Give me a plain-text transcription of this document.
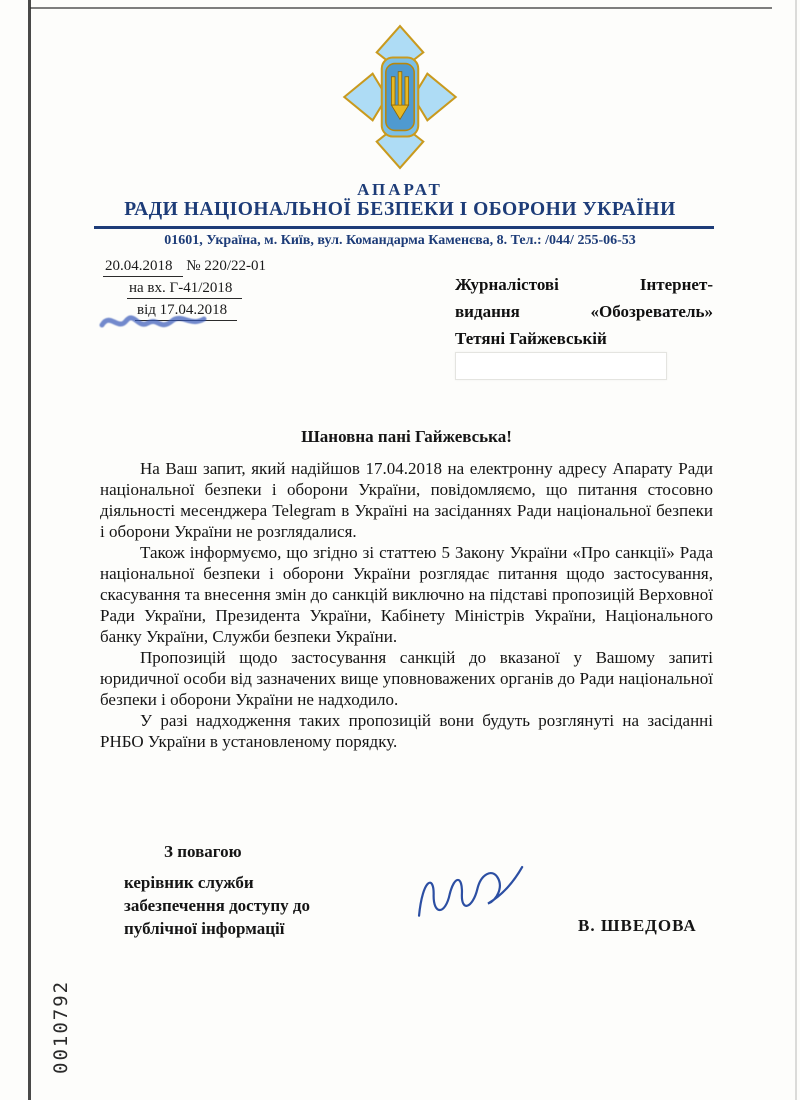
АПАРАТ
РАДИ НАЦІОНАЛЬНОЇ БЕЗПЕКИ І ОБОРОНИ УКРАЇНИ
01601, Україна, м. Київ, вул. Командарма Каменєва, 8. Тел.: /044/ 255-06-53
20.04.2018 № 220/22-01
на вх. Г-41/2018
від 17.04.2018
Журналістові	Інтернет-
видання	«Обозреватель»
Тетяні Гайжевській
Шановна пані Гайжевська!

На Ваш запит, який надійшов 17.04.2018 на електронну адресу Апарату Ради національної безпеки і оборони України, повідомляємо, що питання стосовно діяльності месенджера Telegram в Україні на засіданнях Ради національної безпеки і оборони України не розглядалися.

Також інформуємо, що згідно зі статтею 5 Закону України «Про санкції» Рада національної безпеки і оборони України розглядає питання щодо застосування, скасування та внесення змін до санкцій виключно на підставі пропозицій Верховної Ради України, Президента України, Кабінету Міністрів України, Національного банку України, Служби безпеки України.

Пропозицій щодо застосування санкцій до вказаної у Вашому запиті юридичної особи від зазначених вище уповноважених органів до Ради національної безпеки і оборони України не надходило.

У разі надходження таких пропозицій вони будуть розглянуті на засіданні РНБО України в установленому порядку.

З повагою
керівник служби
забезпечення доступу до
публічної інформації	В. ШВЕДОВА
0010792
